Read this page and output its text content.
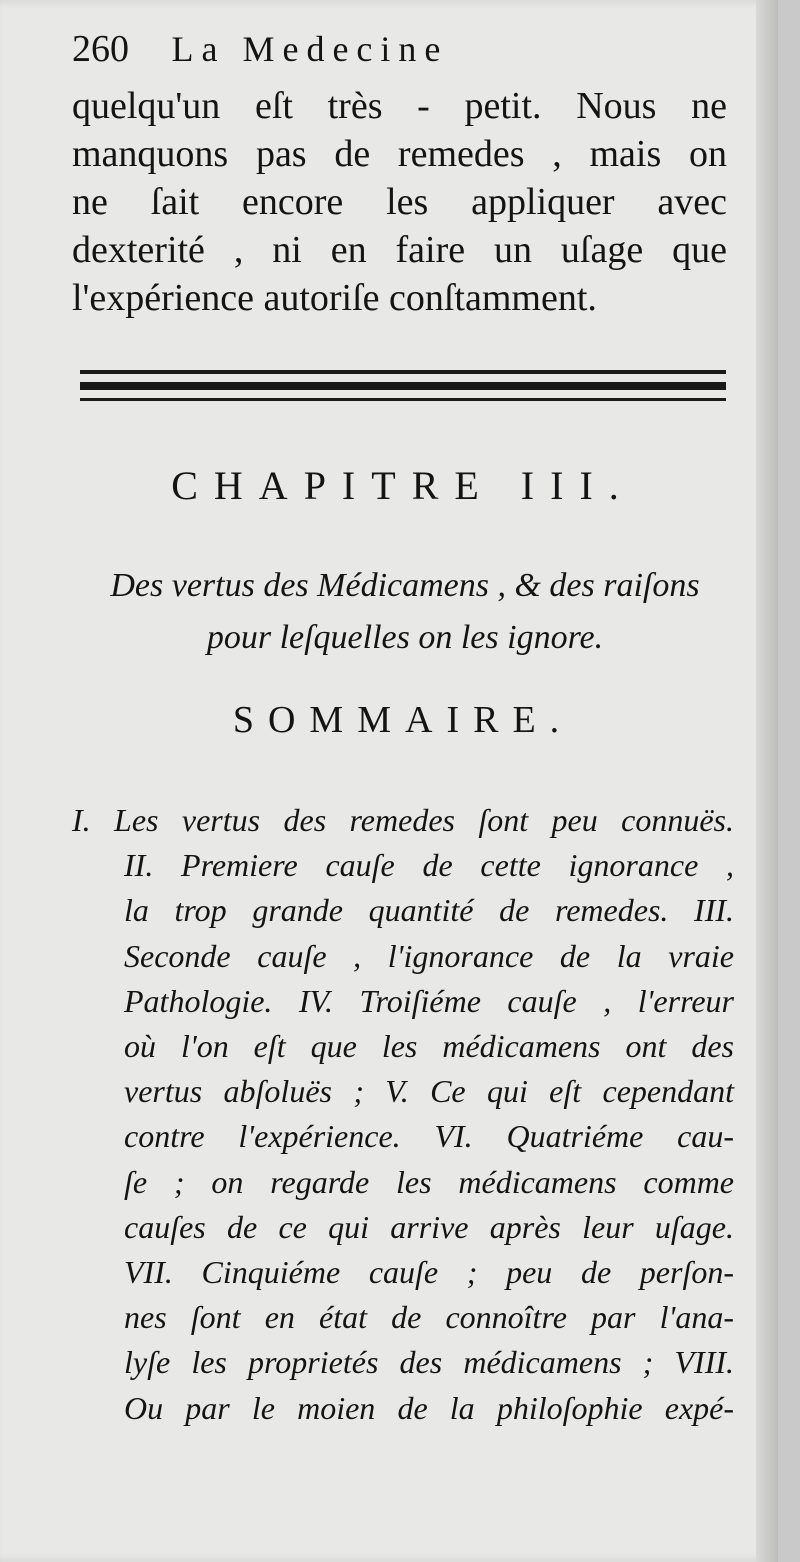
260 La Medecine
quelqu'un eſt très - petit. Nous ne
manquons pas de remedes , mais on
ne ſait encore les appliquer avec
dexterité , ni en faire un uſage que
l'expérience autoriſe conſtamment.
CHAPITRE III.
Des vertus des Médicamens , & des raiſons
pour leſquelles on les ignore.
SOMMAIRE.
I. Les vertus des remedes ſont peu connuës.
II. Premiere cauſe de cette ignorance ,
la trop grande quantité de remedes. III.
Seconde cauſe , l'ignorance de la vraie
Pathologie. IV. Troiſiéme cauſe , l'erreur
où l'on eſt que les médicamens ont des
vertus abſoluës ; V. Ce qui eſt cependant
contre l'expérience. VI. Quatriéme cau-
ſe ; on regarde les médicamens comme
cauſes de ce qui arrive après leur uſage.
VII. Cinquiéme cauſe ; peu de perſon-
nes ſont en état de connoître par l'ana-
lyſe les proprietés des médicamens ; VIII.
Ou par le moien de la philoſophie expé-
